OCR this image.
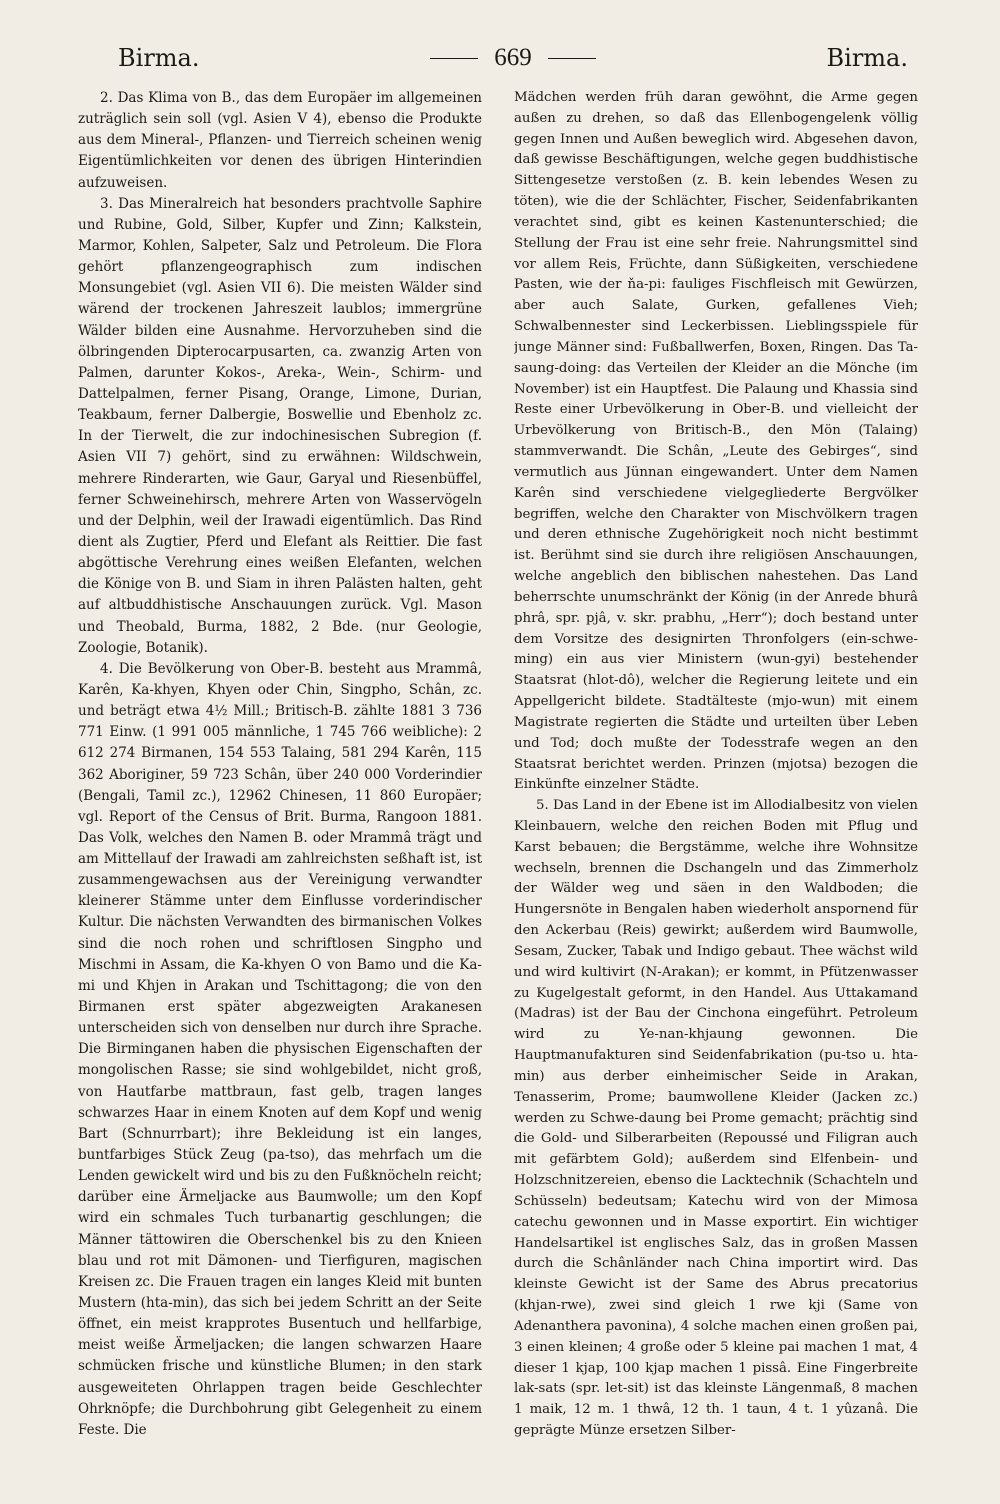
Birma.	669	Birma.

2. Das Klima von B., das dem Europäer im allgemeinen zuträglich sein soll (vgl. Asien V 4), ebenso die Produkte aus dem Mineral-, Pflanzen- und Tierreich scheinen wenig Eigentümlichkeiten vor denen des übrigen Hinterindien aufzuweisen.

3. Das Mineralreich hat besonders prachtvolle Saphire und Rubine, Gold, Silber, Kupfer und Zinn; Kalkstein, Marmor, Kohlen, Salpeter, Salz und Petroleum. Die Flora gehört pflanzengeographisch zum indischen Monsungebiet (vgl. Asien VII 6). Die meisten Wälder sind wärend der trockenen Jahreszeit laublos; immergrüne Wälder bilden eine Ausnahme. Hervorzuheben sind die ölbringenden Dipterocarpusarten, ca. zwanzig Arten von Palmen, darunter Kokos-, Areka-, Wein-, Schirm- und Dattelpalmen, ferner Pisang, Orange, Limone, Durian, Teakbaum, ferner Dalbergie, Boswellie und Ebenholz zc. In der Tierwelt, die zur indochinesischen Subregion (f. Asien VII 7) gehört, sind zu erwähnen: Wildschwein, mehrere Rinderarten, wie Gaur, Garyal und Riesenbüffel, ferner Schweinehirsch, mehrere Arten von Wasservögeln und der Delphin, weil der Irawadi eigentümlich. Das Rind dient als Zugtier, Pferd und Elefant als Reittier. Die fast abgöttische Verehrung eines weißen Elefanten, welchen die Könige von B. und Siam in ihren Palästen halten, geht auf altbuddhistische Anschauungen zurück. Vgl. Mason und Theobald, Burma, 1882, 2 Bde. (nur Geologie, Zoologie, Botanik).

4. Die Bevölkerung von Ober-B. besteht aus Mrammâ, Karên, Ka-khyen, Khyen oder Chin, Singpho, Schân, zc. und beträgt etwa 4½ Mill.; Britisch-B. zählte 1881 3 736 771 Einw. (1 991 005 männliche, 1 745 766 weibliche): 2 612 274 Birmanen, 154 553 Talaing, 581 294 Karên, 115 362 Aboriginer, 59 723 Schân, über 240 000 Vorderindier (Bengali, Tamil zc.), 12962 Chinesen, 11 860 Europäer; vgl. Report of the Census of Brit. Burma, Rangoon 1881. Das Volk, welches den Namen B. oder Mrammâ trägt und am Mittellauf der Irawadi am zahlreichsten seßhaft ist, ist zusammengewachsen aus der Vereinigung verwandter kleinerer Stämme unter dem Einflusse vorderindischer Kultur. Die nächsten Verwandten des birmanischen Volkes sind die noch rohen und schriftlosen Singpho und Mischmi in Assam, die Ka-khyen O von Bamo und die Ka-mi und Khjen in Arakan und Tschittagong; die von den Birmanen erst später abgezweigten Arakanesen unterscheiden sich von denselben nur durch ihre Sprache. Die Birminganen haben die physischen Eigenschaften der mongolischen Rasse; sie sind wohlgebildet, nicht groß, von Hautfarbe mattbraun, fast gelb, tragen langes schwarzes Haar in einem Knoten auf dem Kopf und wenig Bart (Schnurrbart); ihre Bekleidung ist ein langes, buntfarbiges Stück Zeug (pa-tso), das mehrfach um die Lenden gewickelt wird und bis zu den Fußknöcheln reicht; darüber eine Ärmeljacke aus Baumwolle; um den Kopf wird ein schmales Tuch turbanartig geschlungen; die Männer tättowiren die Oberschenkel bis zu den Knieen blau und rot mit Dämonen- und Tierfiguren, magischen Kreisen zc. Die Frauen tragen ein langes Kleid mit bunten Mustern (hta-min), das sich bei jedem Schritt an der Seite öffnet, ein meist krapprotes Busentuch und hellfarbige, meist weiße Ärmeljacken; die langen schwarzen Haare schmücken frische und künstliche Blumen; in den stark ausgeweiteten Ohrlappen tragen beide Geschlechter Ohrknöpfe; die Durchbohrung gibt Gelegenheit zu einem Feste. Die

Mädchen werden früh daran gewöhnt, die Arme gegen außen zu drehen, so daß das Ellenbogengelenk völlig gegen Innen und Außen beweglich wird. Abgesehen davon, daß gewisse Beschäftigungen, welche gegen buddhistische Sittengesetze verstoßen (z. B. kein lebendes Wesen zu töten), wie die der Schlächter, Fischer, Seidenfabrikanten verachtet sind, gibt es keinen Kastenunterschied; die Stellung der Frau ist eine sehr freie. Nahrungsmittel sind vor allem Reis, Früchte, dann Süßigkeiten, verschiedene Pasten, wie der ňa-pi: fauliges Fischfleisch mit Gewürzen, aber auch Salate, Gurken, gefallenes Vieh; Schwalbennester sind Leckerbissen. Lieblingsspiele für junge Männer sind: Fußballwerfen, Boxen, Ringen. Das Ta-saung-doing: das Verteilen der Kleider an die Mönche (im November) ist ein Hauptfest. Die Palaung und Khassia sind Reste einer Urbevölkerung in Ober-B. und vielleicht der Urbevölkerung von Britisch-B., den Mön (Talaing) stammverwandt. Die Schân, „Leute des Gebirges“, sind vermutlich aus Jünnan eingewandert. Unter dem Namen Karên sind verschiedene vielgegliederte Bergvölker begriffen, welche den Charakter von Mischvölkern tragen und deren ethnische Zugehörigkeit noch nicht bestimmt ist. Berühmt sind sie durch ihre religiösen Anschauungen, welche angeblich den biblischen nahestehen. Das Land beherrschte unumschränkt der König (in der Anrede bhurâ phrâ, spr. pjâ, v. skr. prabhu, „Herr“); doch bestand unter dem Vorsitze des designirten Thronfolgers (ein-schwe-ming) ein aus vier Ministern (wun-gyi) bestehender Staatsrat (hlot-dô), welcher die Regierung leitete und ein Appellgericht bildete. Stadtälteste (mjo-wun) mit einem Magistrate regierten die Städte und urteilten über Leben und Tod; doch mußte der Todesstrafe wegen an den Staatsrat berichtet werden. Prinzen (mjotsa) bezogen die Einkünfte einzelner Städte.

5. Das Land in der Ebene ist im Allodialbesitz von vielen Kleinbauern, welche den reichen Boden mit Pflug und Karst bebauen; die Bergstämme, welche ihre Wohnsitze wechseln, brennen die Dschangeln und das Zimmerholz der Wälder weg und säen in den Waldboden; die Hungersnöte in Bengalen haben wiederholt anspornend für den Ackerbau (Reis) gewirkt; außerdem wird Baumwolle, Sesam, Zucker, Tabak und Indigo gebaut. Thee wächst wild und wird kultivirt (N-Arakan); er kommt, in Pfützenwasser zu Kugelgestalt geformt, in den Handel. Aus Uttakamand (Madras) ist der Bau der Cinchona eingeführt. Petroleum wird zu Ye-nan-khjaung gewonnen. Die Hauptmanufakturen sind Seidenfabrikation (pu-tso u. hta-min) aus derber einheimischer Seide in Arakan, Tenasserim, Prome; baumwollene Kleider (Jacken zc.) werden zu Schwe-daung bei Prome gemacht; prächtig sind die Gold- und Silberarbeiten (Repoussé und Filigran auch mit gefärbtem Gold); außerdem sind Elfenbein- und Holzschnitzereien, ebenso die Lacktechnik (Schachteln und Schüsseln) bedeutsam; Katechu wird von der Mimosa catechu gewonnen und in Masse exportirt. Ein wichtiger Handelsartikel ist englisches Salz, das in großen Massen durch die Schânländer nach China importirt wird. Das kleinste Gewicht ist der Same des Abrus precatorius (khjan-rwe), zwei sind gleich 1 rwe kji (Same von Adenanthera pavonina), 4 solche machen einen großen pai, 3 einen kleinen; 4 große oder 5 kleine pai machen 1 mat, 4 dieser 1 kjap, 100 kjap machen 1 pissâ. Eine Fingerbreite lak-sats (spr. let-sit) ist das kleinste Längenmaß, 8 machen 1 maik, 12 m. 1 thwâ, 12 th. 1 taun, 4 t. 1 yûzanâ. Die geprägte Münze ersetzen Silber-
